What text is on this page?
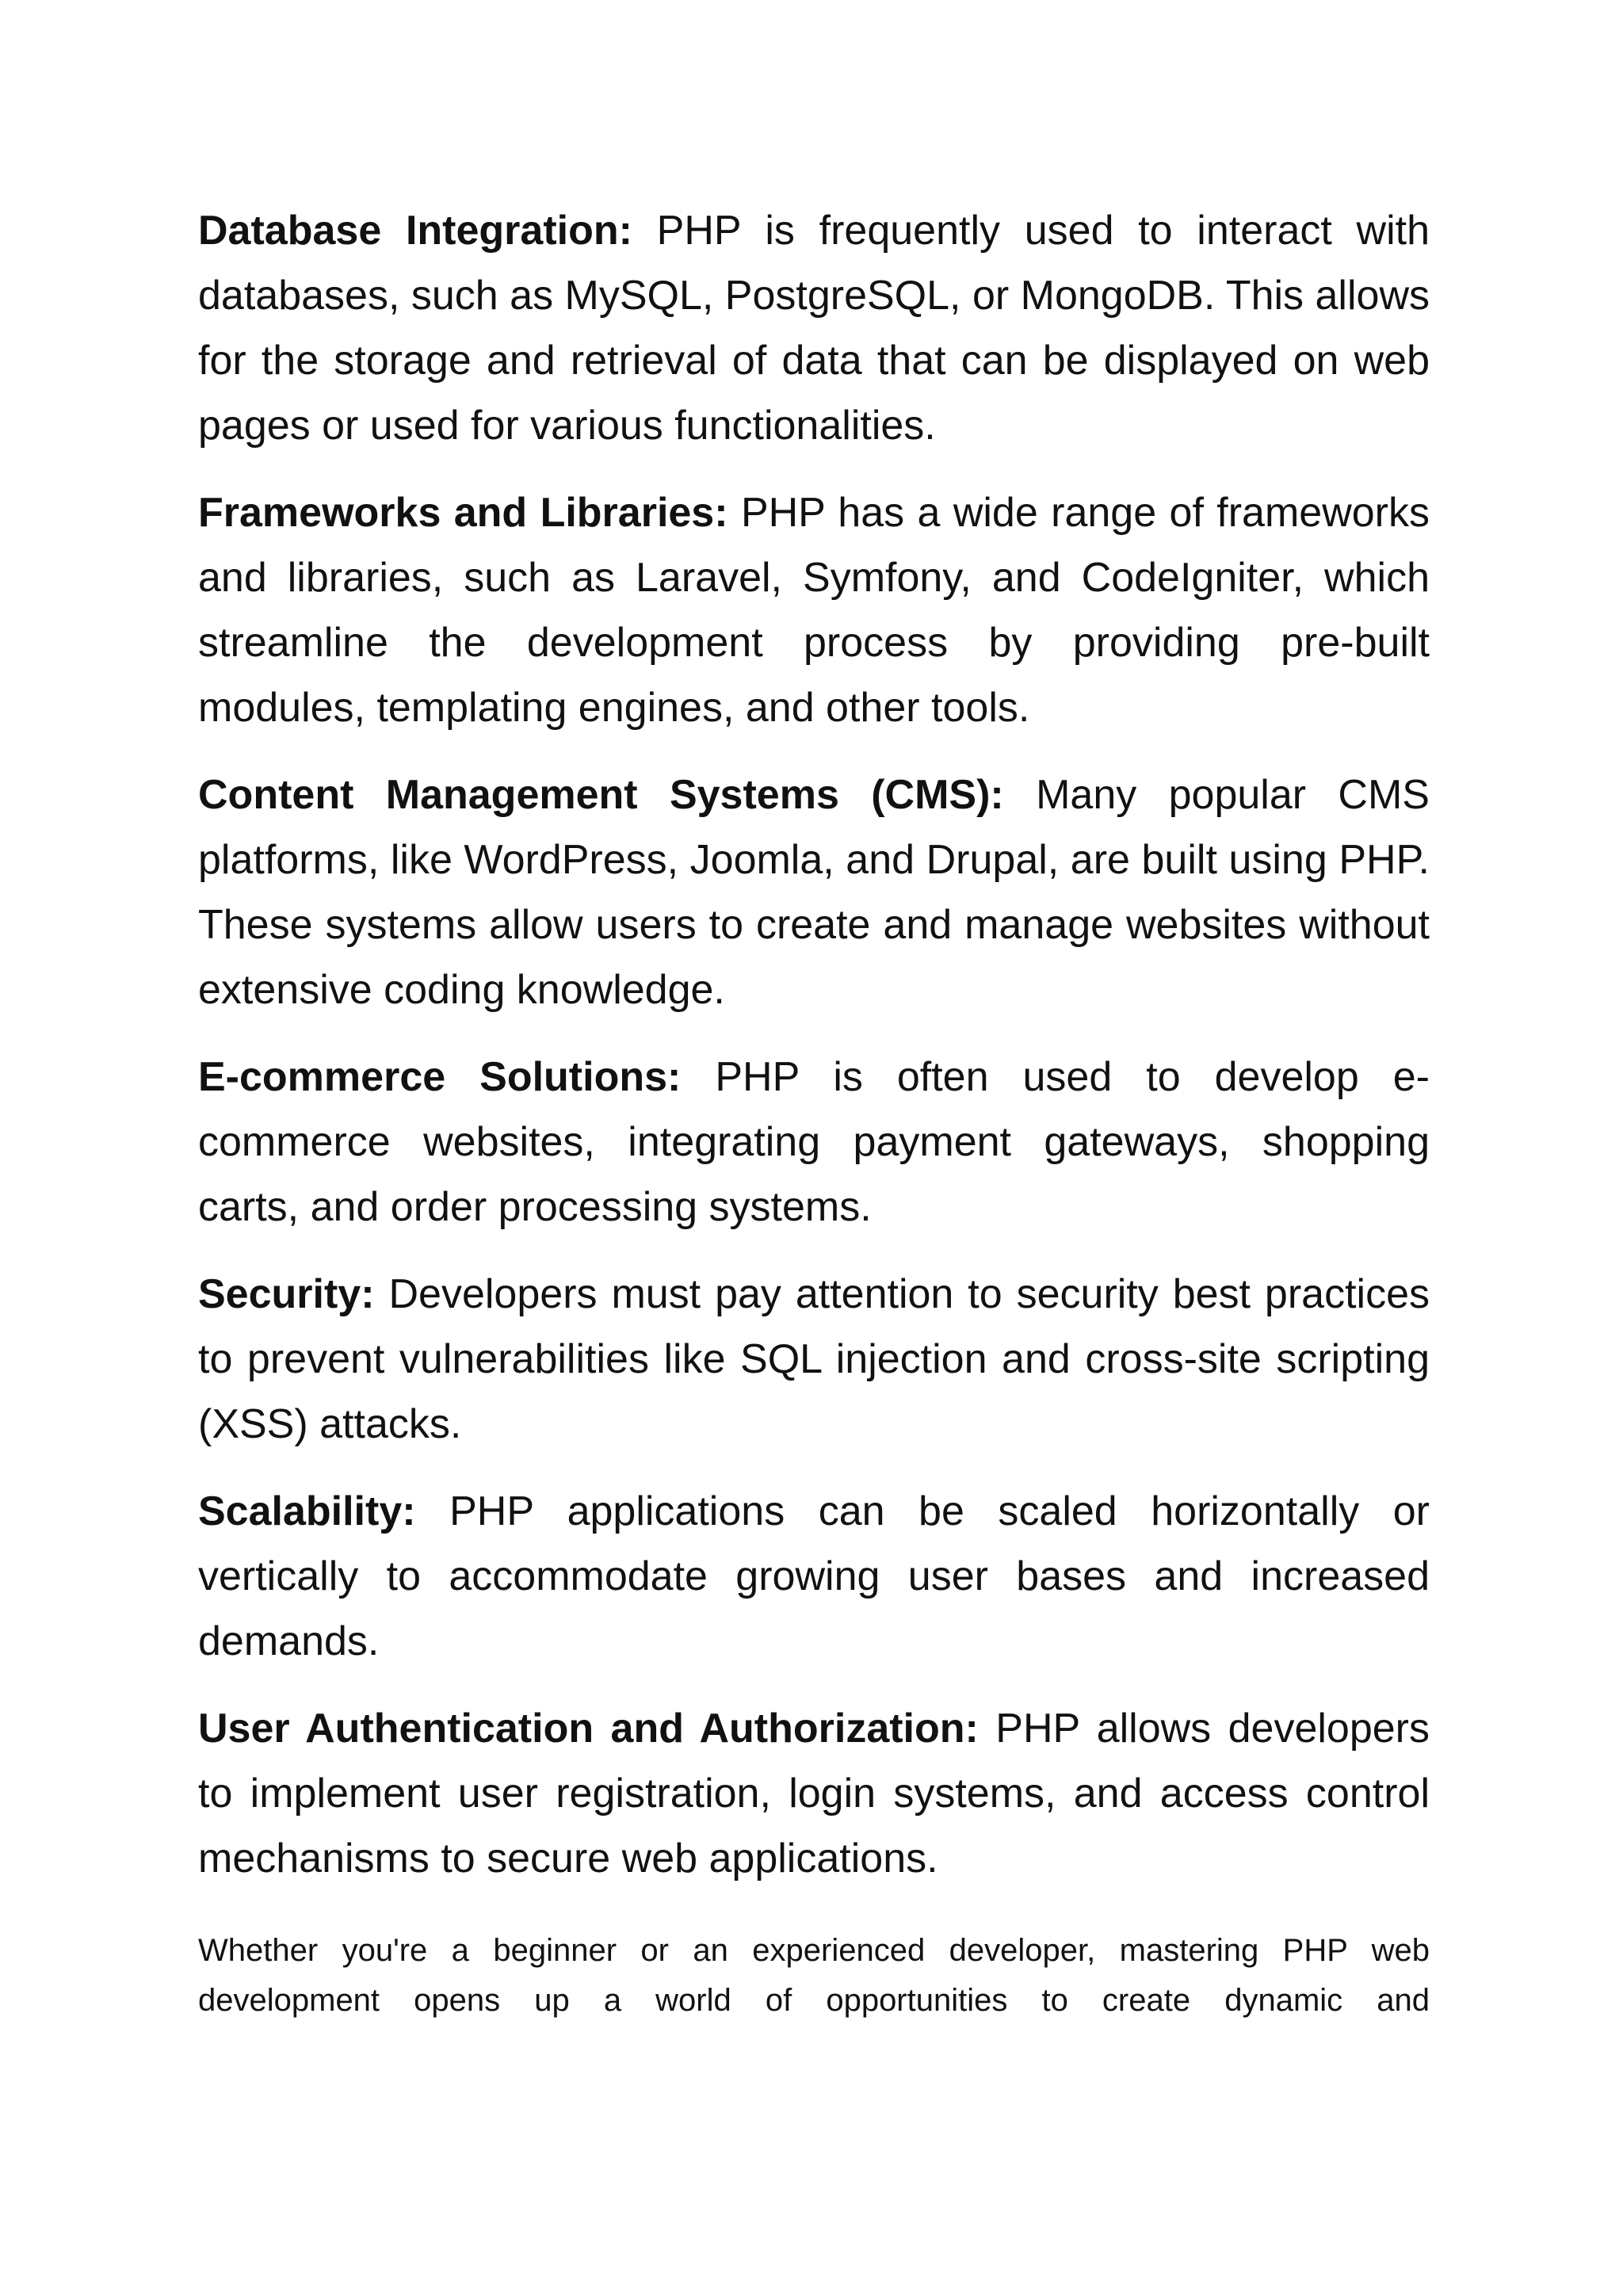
Database Integration: PHP is frequently used to interact with databases, such as MySQL, PostgreSQL, or MongoDB. This allows for the storage and retrieval of data that can be displayed on web pages or used for various functionalities.

Frameworks and Libraries: PHP has a wide range of frameworks and libraries, such as Laravel, Symfony, and CodeIgniter, which streamline the development process by providing pre-built modules, templating engines, and other tools.

Content Management Systems (CMS): Many popular CMS platforms, like WordPress, Joomla, and Drupal, are built using PHP. These systems allow users to create and manage websites without extensive coding knowledge.

E-commerce Solutions: PHP is often used to develop e-commerce websites, integrating payment gateways, shopping carts, and order processing systems.

Security: Developers must pay attention to security best practices to prevent vulnerabilities like SQL injection and cross-site scripting (XSS) attacks.

Scalability: PHP applications can be scaled horizontally or vertically to accommodate growing user bases and increased demands.

User Authentication and Authorization: PHP allows developers to implement user registration, login systems, and access control mechanisms to secure web applications.

Whether you're a beginner or an experienced developer, mastering PHP web development opens up a world of opportunities to create dynamic and
